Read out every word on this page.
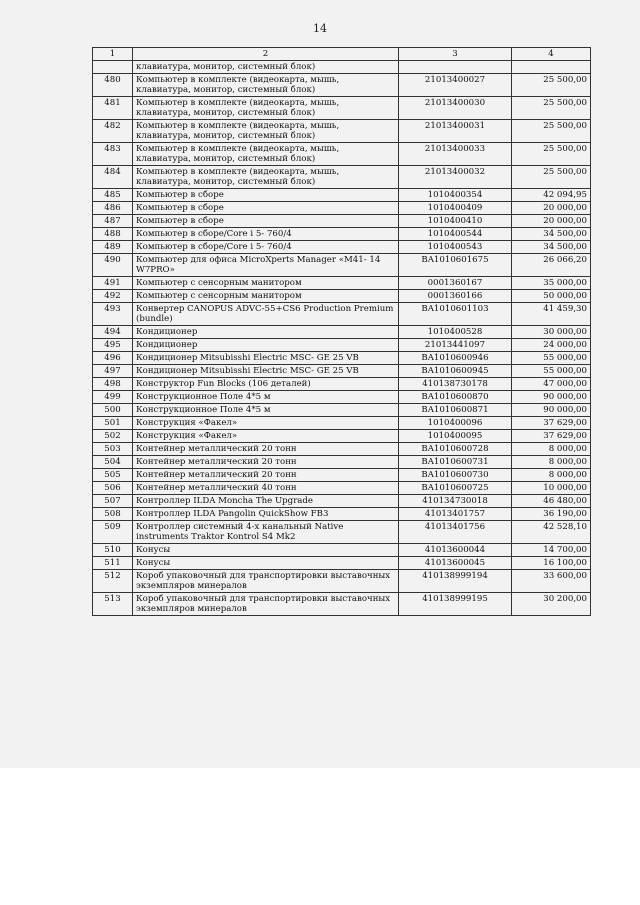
14
1	2	3	4
	клавиатура, монитор, системный блок)		
480	Компьютер в комплекте (видеокарта, мышь, клавиатура, монитор, системный блок)	21013400027	25 500,00
481	Компьютер в комплекте (видеокарта, мышь, клавиатура, монитор, системный блок)	21013400030	25 500,00
482	Компьютер в комплекте (видеокарта, мышь, клавиатура, монитор, системный блок)	21013400031	25 500,00
483	Компьютер в комплекте (видеокарта, мышь, клавиатура, монитор, системный блок)	21013400033	25 500,00
484	Компьютер в комплекте (видеокарта, мышь, клавиатура, монитор, системный блок)	21013400032	25 500,00
485	Компьютер в сборе	1010400354	42 094,95
486	Компьютер в сборе	1010400409	20 000,00
487	Компьютер в сборе	1010400410	20 000,00
488	Компьютер в сборе/Core i 5- 760/4	1010400544	34 500,00
489	Компьютер в сборе/Core i 5- 760/4	1010400543	34 500,00
490	Компьютер для офиса MicroXperts Manager «M41- 14 W7PRO»	BA1010601675	26 066,20
491	Компьютер с сенсорным манитором	0001360167	35 000,00
492	Компьютер с сенсорным манитором	0001360166	50 000,00
493	Конвертер CANOPUS ADVC-55+CS6 Production Premium (bundle)	BA1010601103	41 459,30
494	Кондиционер	1010400528	30 000,00
495	Кондиционер	21013441097	24 000,00
496	Кондиционер Mitsubisshi Electric MSC- GE 25 VB	BA1010600946	55 000,00
497	Кондиционер Mitsubisshi Electric MSC- GE 25 VB	BA1010600945	55 000,00
498	Конструктор Fun Blocks (106 деталей)	410138730178	47 000,00
499	Конструкционное Поле 4*5 м	BA1010600870	90 000,00
500	Конструкционное Поле 4*5 м	BA1010600871	90 000,00
501	Конструкция «Факел»	1010400096	37 629,00
502	Конструкция «Факел»	1010400095	37 629,00
503	Контейнер металлический 20 тонн	BA1010600728	8 000,00
504	Контейнер металлический 20 тонн	BA1010600731	8 000,00
505	Контейнер металлический 20 тонн	BA1010600730	8 000,00
506	Контейнер металлический 40 тонн	BA1010600725	10 000,00
507	Контроллер ILDA Moncha The Upgrade	410134730018	46 480,00
508	Контроллер ILDA Pangolin QuickShow FB3	41013401757	36 190,00
509	Контроллер системный 4-х канальный Native instruments Traktor Kontrol S4 Mk2	41013401756	42 528,10
510	Конусы	41013600044	14 700,00
511	Конусы	41013600045	16 100,00
512	Короб упаковочный для транспортировки выставочных экземпляров минералов	410138999194	33 600,00
513	Короб упаковочный для транспортировки выставочных экземпляров минералов	410138999195	30 200,00
